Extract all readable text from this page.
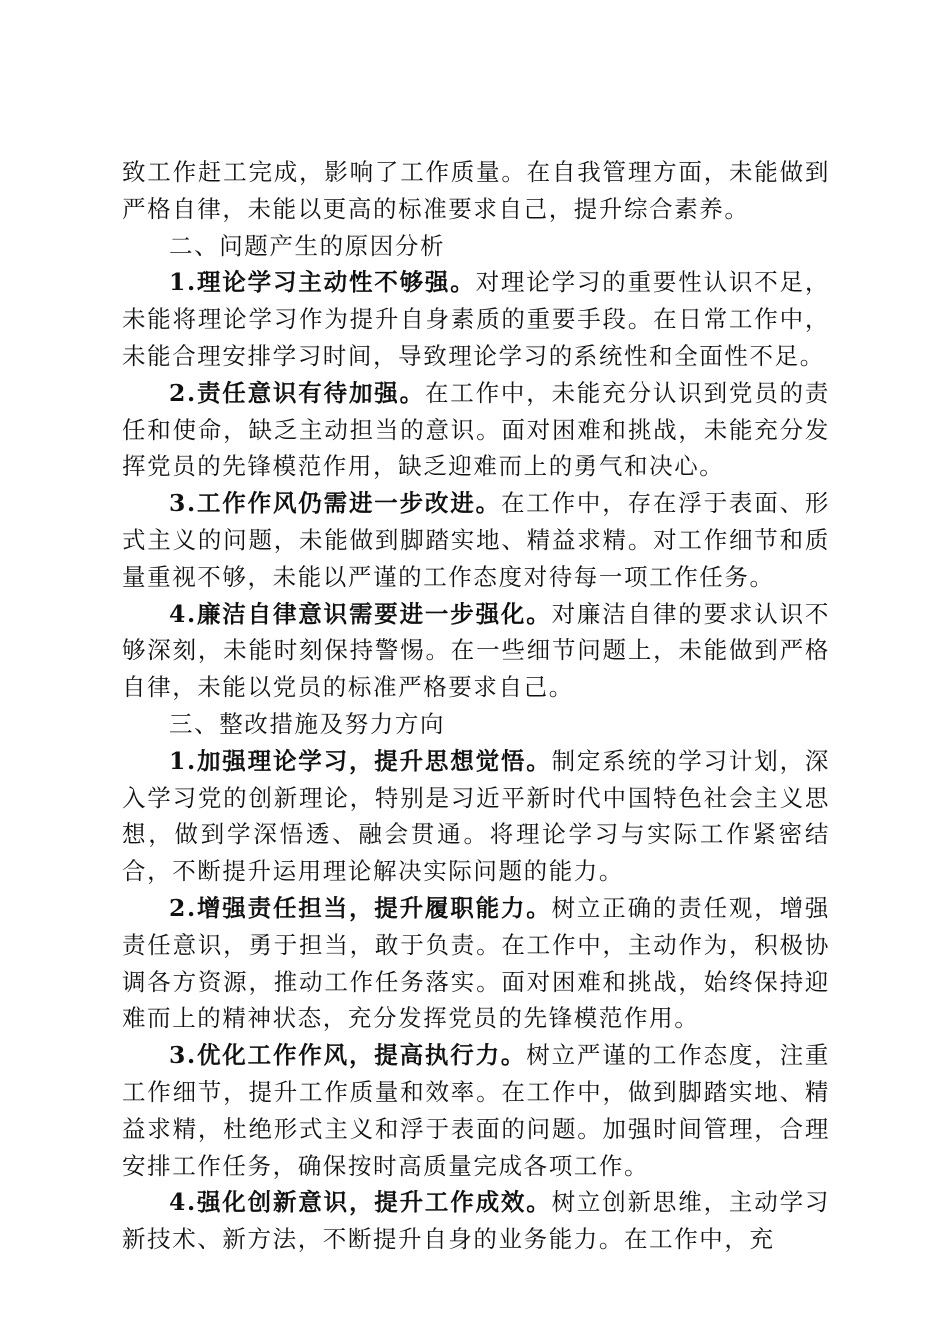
致工作赶工完成，影响了工作质量。在自我管理方面，未能做到严格自律，未能以更高的标准要求自己，提升综合素养。

二、问题产生的原因分析

1.理论学习主动性不够强。对理论学习的重要性认识不足，未能将理论学习作为提升自身素质的重要手段。在日常工作中，未能合理安排学习时间，导致理论学习的系统性和全面性不足。

2.责任意识有待加强。在工作中，未能充分认识到党员的责任和使命，缺乏主动担当的意识。面对困难和挑战，未能充分发挥党员的先锋模范作用，缺乏迎难而上的勇气和决心。

3.工作作风仍需进一步改进。在工作中，存在浮于表面、形式主义的问题，未能做到脚踏实地、精益求精。对工作细节和质量重视不够，未能以严谨的工作态度对待每一项工作任务。

4.廉洁自律意识需要进一步强化。对廉洁自律的要求认识不够深刻，未能时刻保持警惕。在一些细节问题上，未能做到严格自律，未能以党员的标准严格要求自己。

三、整改措施及努力方向

1.加强理论学习，提升思想觉悟。制定系统的学习计划，深入学习党的创新理论，特别是习近平新时代中国特色社会主义思想，做到学深悟透、融会贯通。将理论学习与实际工作紧密结合，不断提升运用理论解决实际问题的能力。

2.增强责任担当，提升履职能力。树立正确的责任观，增强责任意识，勇于担当，敢于负责。在工作中，主动作为，积极协调各方资源，推动工作任务落实。面对困难和挑战，始终保持迎难而上的精神状态，充分发挥党员的先锋模范作用。

3.优化工作作风，提高执行力。树立严谨的工作态度，注重工作细节，提升工作质量和效率。在工作中，做到脚踏实地、精益求精，杜绝形式主义和浮于表面的问题。加强时间管理，合理安排工作任务，确保按时高质量完成各项工作。

4.强化创新意识，提升工作成效。树立创新思维，主动学习新技术、新方法，不断提升自身的业务能力。在工作中，充
